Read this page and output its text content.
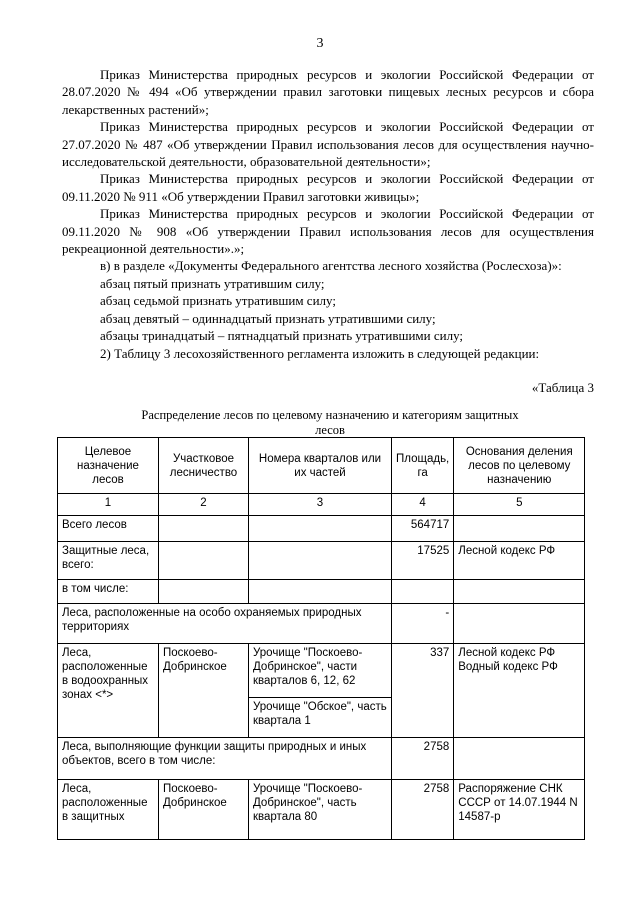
3

Приказ Министерства природных ресурсов и экологии Российской Федерации от 28.07.2020 № 494 «Об утверждении правил заготовки пищевых лесных ресурсов и сбора лекарственных растений»;

Приказ Министерства природных ресурсов и экологии Российской Федерации от 27.07.2020 № 487 «Об утверждении Правил использования лесов для осуществления научно-исследовательской деятельности, образовательной деятельности»;

Приказ Министерства природных ресурсов и экологии Российской Федерации от 09.11.2020 № 911 «Об утверждении Правил заготовки живицы»;

Приказ Министерства природных ресурсов и экологии Российской Федерации от 09.11.2020 № 908 «Об утверждении Правил использования лесов для осуществления рекреационной деятельности».»;

в) в разделе «Документы Федерального агентства лесного хозяйства (Рослесхоза)»:

абзац пятый признать утратившим силу;

абзац седьмой признать утратившим силу;

абзац девятый – одиннадцатый признать утратившими силу;

абзацы тринадцатый – пятнадцатый признать утратившими силу;

2) Таблицу 3 лесохозяйственного регламента изложить в следующей редакции:

«Таблица 3
Распределение лесов по целевому назначению и категориям защитных лесов
Целевое назначение лесов	Участковое лесничество	Номера кварталов или их частей	Площадь, га	Основания деления лесов по целевому назначению
1	2	3	4	5
Всего лесов			564717	
Защитные леса, всего:			17525	Лесной кодекс РФ
в том числе:				
Леса, расположенные на особо охраняемых природных территориях			-	
Леса, расположенные в водоохранных зонах <*>	Поскоево-Добринское	Урочище "Поскоево-Добринское", части кварталов 6, 12, 62	337	Лесной кодекс РФ Водный кодекс РФ
		Урочище "Обское", часть квартала 1		
Леса, выполняющие функции защиты природных и иных объектов, всего в том числе:			2758	
Леса, расположенные в защитных	Поскоево-Добринское	Урочище "Поскоево-Добринское", часть квартала 80	2758	Распоряжение СНК СССР от 14.07.1944 N 14587-р
